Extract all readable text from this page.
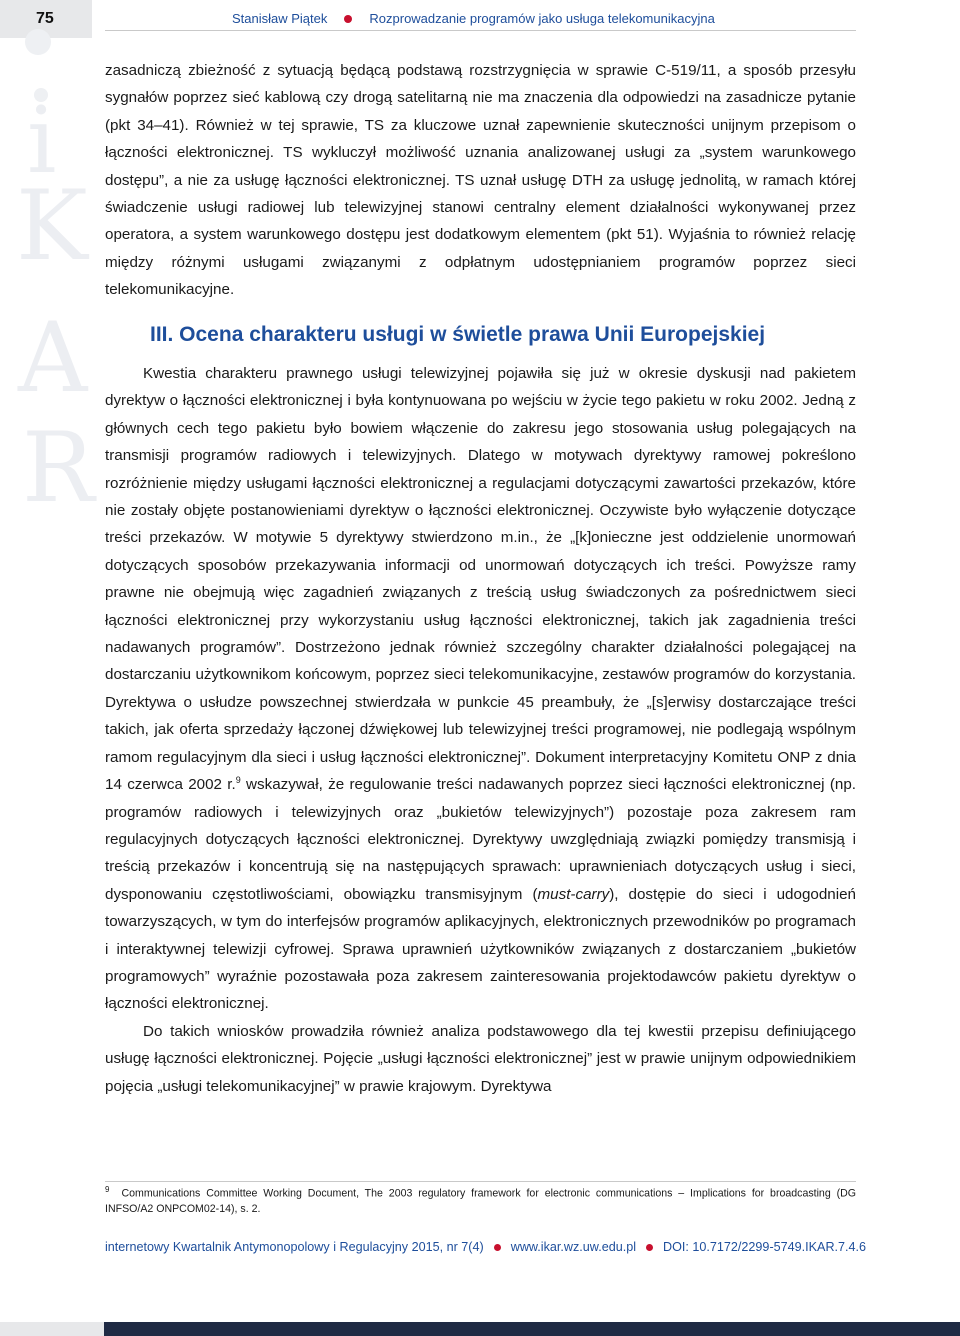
75	Stanisław Piątek	Rozprowadzanie programów jako usługa telekomunikacyjna
i
K
A
R

zasadniczą zbieżność z sytuacją będącą podstawą rozstrzygnięcia w sprawie C-519/11, a sposób przesyłu sygnałów poprzez sieć kablową czy drogą satelitarną nie ma znaczenia dla odpowiedzi na zasadnicze pytanie (pkt 34–41). Również w tej sprawie, TS za kluczowe uznał zapewnienie skuteczności unijnym przepisom o łączności elektronicznej. TS wykluczył możliwość uznania analizowanej usługi za „system warunkowego dostępu”, a nie za usługę łączności elektronicznej. TS uznał usługę DTH za usługę jednolitą, w ramach której świadczenie usługi radiowej lub telewizyjnej stanowi centralny element działalności wykonywanej przez operatora, a system warunkowego dostępu jest dodatkowym elementem (pkt 51). Wyjaśnia to również relację między różnymi usługami związanymi z odpłatnym udostępnianiem programów poprzez sieci telekomunikacyjne.

III. Ocena charakteru usługi w świetle prawa Unii Europejskiej

Kwestia charakteru prawnego usługi telewizyjnej pojawiła się już w okresie dyskusji nad pakietem dyrektyw o łączności elektronicznej i była kontynuowana po wejściu w życie tego pakietu w roku 2002. Jedną z głównych cech tego pakietu było bowiem włączenie do zakresu jego stosowania usług polegających na transmisji programów radiowych i telewizyjnych. Dlatego w motywach dyrektywy ramowej pokreślono rozróżnienie między usługami łączności elektronicznej a regulacjami dotyczącymi zawartości przekazów, które nie zostały objęte postanowieniami dyrektyw o łączności elektronicznej. Oczywiste było wyłączenie dotyczące treści przekazów. W motywie 5 dyrektywy stwierdzono m.in., że „[k]onieczne jest oddzielenie unormowań dotyczących sposobów przekazywania informacji od unormowań dotyczących ich treści. Powyższe ramy prawne nie obejmują więc zagadnień związanych z treścią usług świadczonych za pośrednictwem sieci łączności elektronicznej przy wykorzystaniu usług łączności elektronicznej, takich jak zagadnienia treści nadawanych programów”. Dostrzeżono jednak również szczególny charakter działalności polegającej na dostarczaniu użytkownikom końcowym, poprzez sieci telekomunikacyjne, zestawów programów do korzystania. Dyrektywa o usłudze powszechnej stwierdzała w punkcie 45 preambuły, że „[s]erwisy dostarczające treści takich, jak oferta sprzedaży łączonej dźwiękowej lub telewizyjnej treści programowej, nie podlegają wspólnym ramom regulacyjnym dla sieci i usług łączności elektronicznej”. Dokument interpretacyjny Komitetu ONP z dnia 14 czerwca 2002 r.$^9$ wskazywał, że regulowanie treści nadawanych poprzez sieci łączności elektronicznej (np. programów radiowych i telewizyjnych oraz „bukietów telewizyjnych”) pozostaje poza zakresem ram regulacyjnych dotyczących łączności elektronicznej. Dyrektywy uwzględniają związki pomiędzy transmisją i treścią przekazów i koncentrują się na następujących sprawach: uprawnieniach dotyczących usług i sieci, dysponowaniu częstotliwościami, obowiązku transmisyjnym (must-carry), dostępie do sieci i udogodnień towarzyszących, w tym do interfejsów programów aplikacyjnych, elektronicznych przewodników po programach i interaktywnej telewizji cyfrowej. Sprawa uprawnień użytkowników związanych z dostarczaniem „bukietów programowych” wyraźnie pozostawała poza zakresem zainteresowania projektodawców pakietu dyrektyw o łączności elektronicznej.

Do takich wniosków prowadziła również analiza podstawowego dla tej kwestii przepisu definiującego usługę łączności elektronicznej. Pojęcie „usługi łączności elektronicznej” jest w prawie unijnym odpowiednikiem pojęcia „usługi telekomunikacyjnej” w prawie krajowym. Dyrektywa

$^9$ Communications Committee Working Document, The 2003 regulatory framework for electronic communications – Implications for broadcasting (DG INFSO/A2 ONPCOM02-14), s. 2.
internetowy Kwartalnik Antymonopolowy i Regulacyjny 2015, nr 7(4) www.ikar.wz.uw.edu.pl DOI: 10.7172/2299-5749.IKAR.7.4.6
